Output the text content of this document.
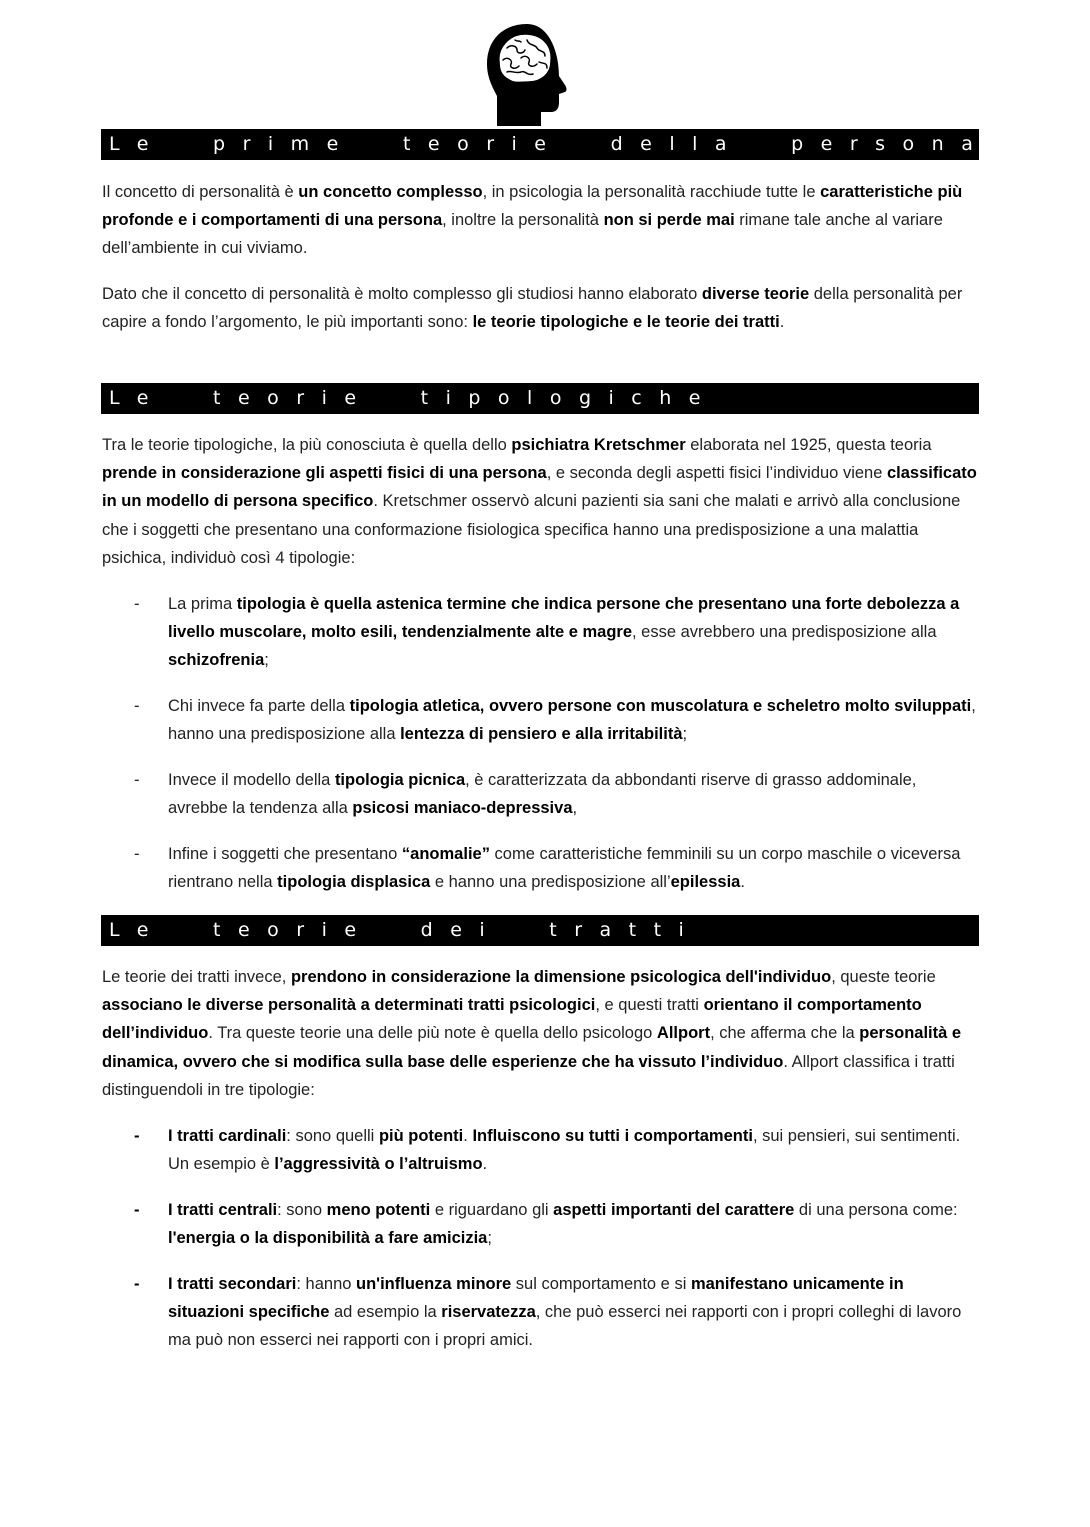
Le  prime  teorie  della  personalità

Il concetto di personalità è un concetto complesso, in psicologia la personalità racchiude tutte le caratteristiche più profonde e i comportamenti di una persona, inoltre la personalità non si perde mai rimane tale anche al variare dell’ambiente in cui viviamo.

Dato che il concetto di personalità è molto complesso gli studiosi hanno elaborato diverse teorie della personalità per capire a fondo l’argomento, le più importanti sono: le teorie tipologiche e le teorie dei tratti.

Le  teorie  tipologiche

Tra le teorie tipologiche, la più conosciuta è quella dello psichiatra Kretschmer elaborata nel 1925, questa teoria prende in considerazione gli aspetti fisici di una persona, e seconda degli aspetti fisici l’individuo viene classificato in un modello di persona specifico. Kretschmer osservò alcuni pazienti sia sani che malati e arrivò alla conclusione che i soggetti che presentano una conformazione fisiologica specifica hanno una predisposizione a una malattia psichica, individuò così 4 tipologie:

-	La prima tipologia è quella astenica termine che indica persone che presentano una forte debolezza a livello muscolare, molto esili, tendenzialmente alte e magre, esse avrebbero una predisposizione alla schizofrenia;
-	Chi invece fa parte della tipologia atletica, ovvero persone con muscolatura e scheletro molto sviluppati, hanno una predisposizione alla lentezza di pensiero e alla irritabilità;
-	Invece il modello della tipologia picnica, è caratterizzata da abbondanti riserve di grasso addominale, avrebbe la tendenza alla psicosi maniaco-depressiva,
-	Infine i soggetti che presentano “anomalie” come caratteristiche femminili su un corpo maschile o viceversa rientrano nella tipologia displasica e hanno una predisposizione all’epilessia.
Le  teorie  dei  tratti

Le teorie dei tratti invece, prendono in considerazione la dimensione psicologica dell'individuo, queste teorie associano le diverse personalità a determinati tratti psicologici, e questi tratti orientano il comportamento dell’individuo. Tra queste teorie una delle più note è quella dello psicologo Allport, che afferma che la personalità e dinamica, ovvero che si modifica sulla base delle esperienze che ha vissuto l’individuo. Allport classifica i tratti distinguendoli in tre tipologie:

-	I tratti cardinali: sono quelli più potenti. Influiscono su tutti i comportamenti, sui pensieri, sui sentimenti. Un esempio è l’aggressività o l’altruismo.
-	I tratti centrali: sono meno potenti e riguardano gli aspetti importanti del carattere di una persona come: l'energia o la disponibilità a fare amicizia;
-	I tratti secondari: hanno un'influenza minore sul comportamento e si manifestano unicamente in situazioni specifiche ad esempio la riservatezza, che può esserci nei rapporti con i propri colleghi di lavoro ma può non esserci nei rapporti con i propri amici.
